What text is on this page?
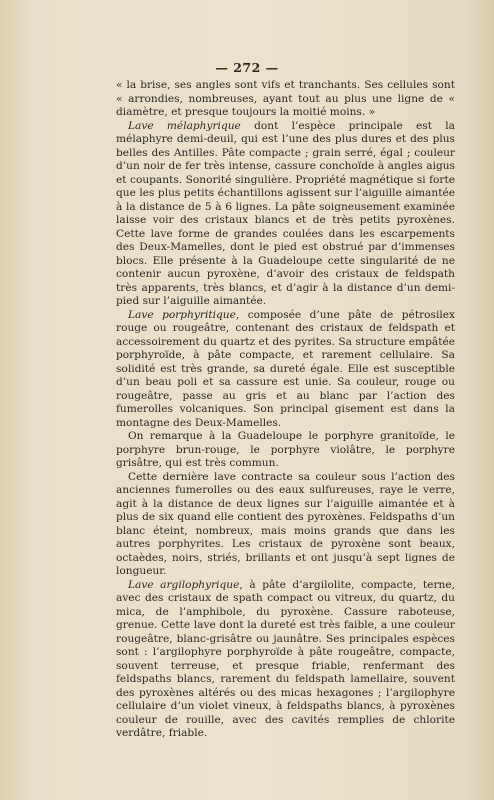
— 272 —

« la brise, ses angles sont vifs et tranchants. Ses cellules sont « arrondies, nombreuses, ayant tout au plus une ligne de « diamètre, et presque toujours la moitié moins. »

Lave mélaphyrique dont l’espèce principale est la mélaphyre demi-deuil, qui est l’une des plus dures et des plus belles des Antilles. Pâte compacte ; grain serré, égal ; couleur d’un noir de fer très intense, cassure conchoïde à angles aigus et coupants. Sonorité singulière. Propriété magnétique si forte que les plus petits échantillons agissent sur l’aiguille aimantée à la distance de 5 à 6 lignes. La pâte soigneusement examinée laisse voir des cristaux blancs et de très petits pyroxènes. Cette lave forme de grandes coulées dans les escarpements des Deux-Mamelles, dont le pied est obstrué par d’immenses blocs. Elle présente à la Guadeloupe cette singularité de ne contenir aucun pyroxène, d’avoir des cristaux de feldspath très apparents, très blancs, et d’agir à la distance d’un demi-pied sur l’aiguille aimantée.

Lave porphyritique, composée d’une pâte de pétrosilex rouge ou rougeâtre, contenant des cristaux de feldspath et accessoirement du quartz et des pyrites. Sa structure empâtée porphyroïde, à pâte compacte, et rarement cellulaire. Sa solidité est très grande, sa dureté égale. Elle est susceptible d’un beau poli et sa cassure est unie. Sa couleur, rouge ou rougeâtre, passe au gris et au blanc par l’action des fumerolles volcaniques. Son principal gisement est dans la montagne des Deux-Mamelles.

On remarque à la Guadeloupe le porphyre granitoïde, le porphyre brun-rouge, le porphyre violâtre, le porphyre grisâtre, qui est très commun.

Cette dernière lave contracte sa couleur sous l’action des anciennes fumerolles ou des eaux sulfureuses, raye le verre, agit à la distance de deux lignes sur l’aiguille aimantée et à plus de six quand elle contient des pyroxènes. Feldspaths d’un blanc éteint, nombreux, mais moins grands que dans les autres porphyrites. Les cristaux de pyroxène sont beaux, octaèdes, noirs, striés, brillants et ont jusqu’à sept lignes de longueur.

Lave argilophyrique, à pâte d’argilolite, compacte, terne, avec des cristaux de spath compact ou vitreux, du quartz, du mica, de l’amphibole, du pyroxène. Cassure raboteuse, grenue. Cette lave dont la dureté est très faible, a une couleur rougeâtre, blanc-grisâtre ou jaunâtre. Ses principales espèces sont : l’argilophyre porphyroïde à pâte rougeâtre, compacte, souvent terreuse, et presque friable, renfermant des feldspaths blancs, rarement du feldspath lamellaire, souvent des pyroxènes altérés ou des micas hexagones ; l’argilophyre cellulaire d’un violet vineux, à feldspaths blancs, à pyroxènes couleur de rouille, avec des cavités remplies de chlorite verdâtre, friable.
